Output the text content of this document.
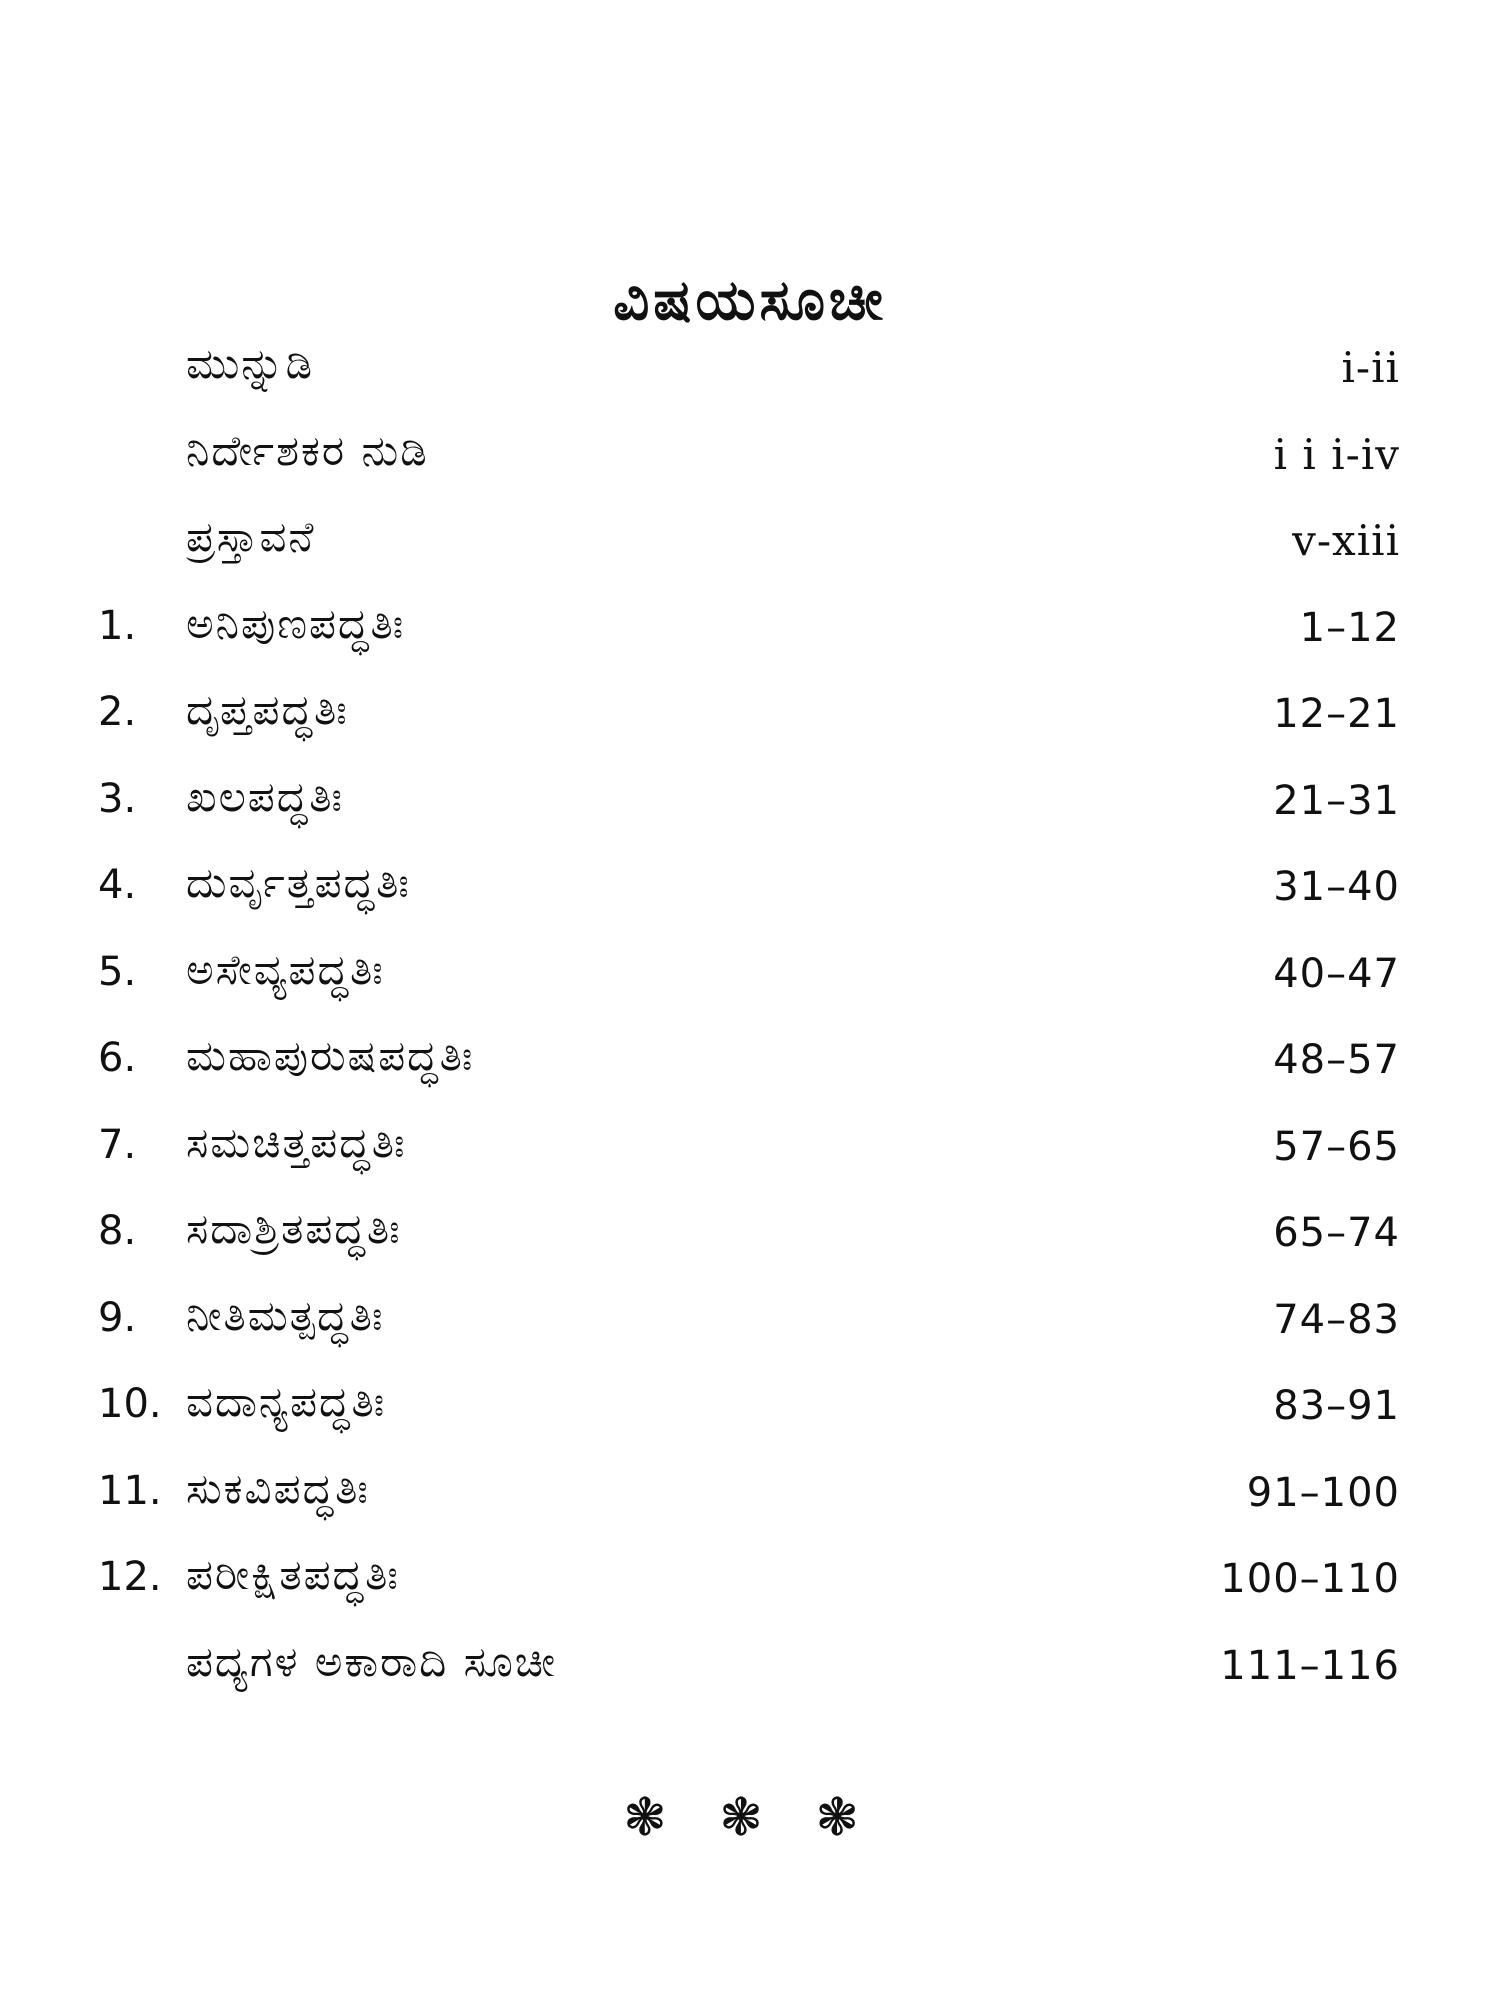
ವಿಷಯಸೂಚೀ
ಮುನ್ನುಡಿ	i-ii
ನಿರ್ದೇಶಕರ ನುಡಿ	i i i-iv
ಪ್ರಸ್ತಾವನೆ	v-xiii
1. ಅನಿಪುಣಪದ್ಧತಿಃ	1–12
2. ದೃಪ್ತಪದ್ಧತಿಃ	12–21
3. ಖಲಪದ್ಧತಿಃ	21–31
4. ದುರ್ವೃತ್ತಪದ್ಧತಿಃ	31–40
5. ಅಸೇವ್ಯಪದ್ಧತಿಃ	40–47
6. ಮಹಾಪುರುಷಪದ್ಧತಿಃ	48–57
7. ಸಮಚಿತ್ತಪದ್ಧತಿಃ	57–65
8. ಸದಾಶ್ರಿತಪದ್ಧತಿಃ	65–74
9. ನೀತಿಮತ್ಪದ್ಧತಿಃ	74–83
10. ವದಾನ್ಯಪದ್ಧತಿಃ	83–91
11. ಸುಕವಿಪದ್ಧತಿಃ	91–100
12. ಪರೀಕ್ಷಿತಪದ್ಧತಿಃ	100–110
ಪದ್ಯಗಳ ಅಕಾರಾದಿ ಸೂಚೀ	111–116
❃ ❃ ❃
